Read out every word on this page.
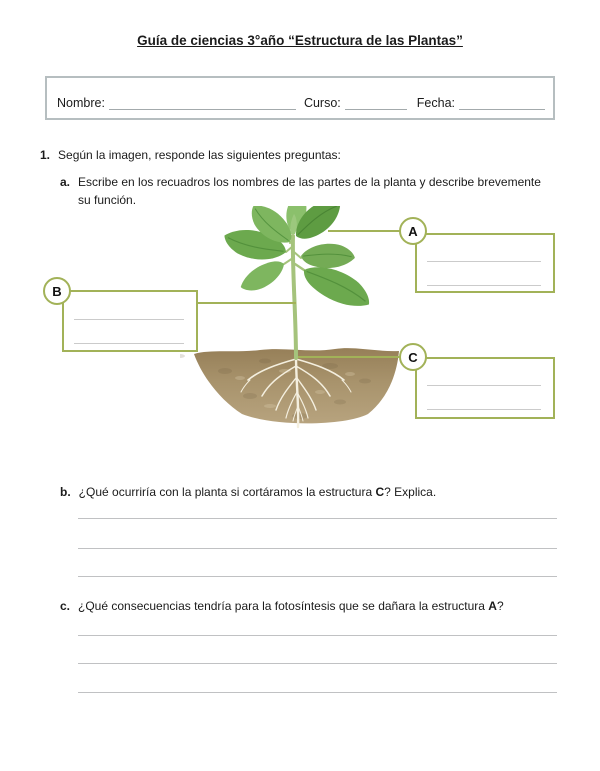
Guía de ciencias 3°año “Estructura de las Plantas”
Nombre:	Curso:	Fecha:
1. Según la imagen, responde las siguientes preguntas:
a. Escribe en los recuadros los nombres de las partes de la planta y describe brevemente su función.
A
B
C
b. ¿Qué ocurriría con la planta si cortáramos la estructura C? Explica.
c. ¿Qué consecuencias tendría para la fotosíntesis que se dañara la estructura A?
